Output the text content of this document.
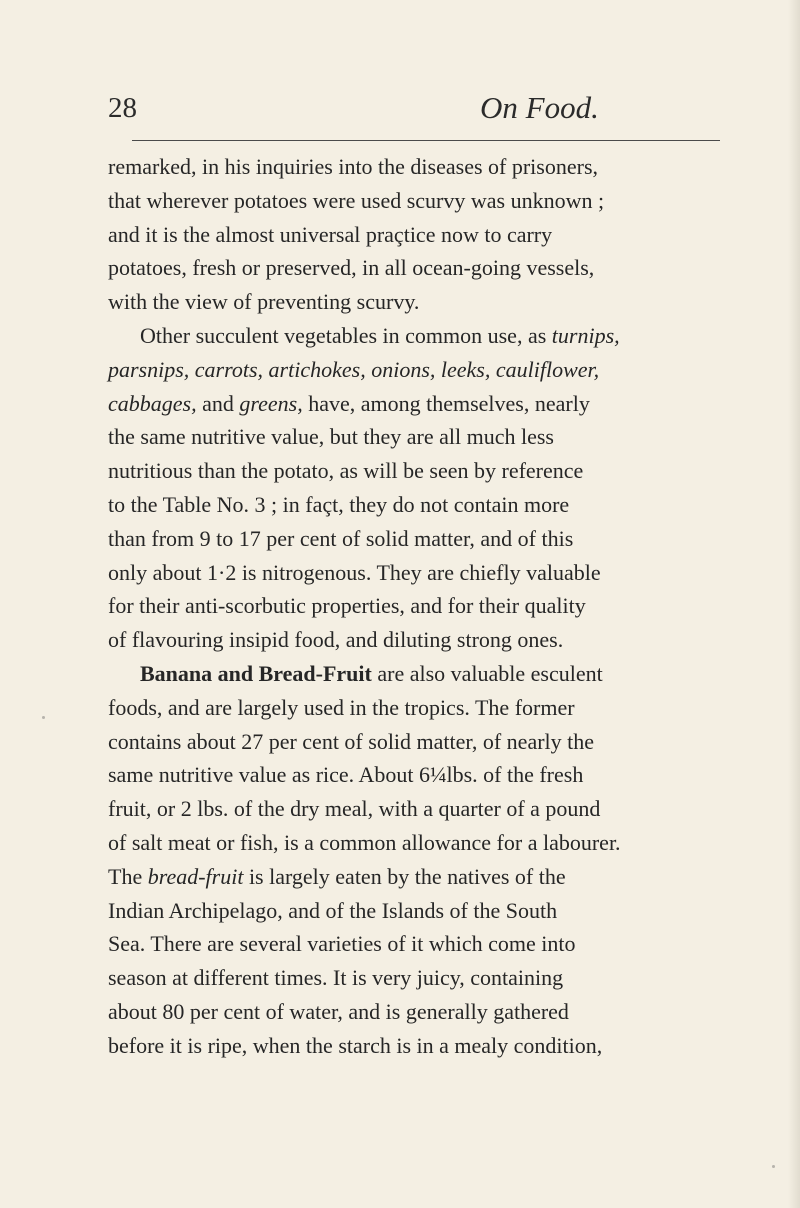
28	On Food.
remarked, in his inquiries into the diseases of prisoners,
that wherever potatoes were used scurvy was unknown ;
and it is the almost universal praçtice now to carry
potatoes, fresh or preserved, in all ocean-going vessels,
with the view of preventing scurvy.
Other succulent vegetables in common use, as turnips,
parsnips, carrots, artichokes, onions, leeks, cauliflower,
cabbages, and greens, have, among themselves, nearly
the same nutritive value, but they are all much less
nutritious than the potato, as will be seen by reference
to the Table No. 3 ; in façt, they do not contain more
than from 9 to 17 per cent of solid matter, and of this
only about 1·2 is nitrogenous. They are chiefly valuable
for their anti-scorbutic properties, and for their quality
of flavouring insipid food, and diluting strong ones.
Banana and Bread-Fruit are also valuable esculent
foods, and are largely used in the tropics. The former
contains about 27 per cent of solid matter, of nearly the
same nutritive value as rice. About 6¼lbs. of the fresh
fruit, or 2 lbs. of the dry meal, with a quarter of a pound
of salt meat or fish, is a common allowance for a labourer.
The bread-fruit is largely eaten by the natives of the
Indian Archipelago, and of the Islands of the South
Sea. There are several varieties of it which come into
season at different times. It is very juicy, containing
about 80 per cent of water, and is generally gathered
before it is ripe, when the starch is in a mealy condition,
